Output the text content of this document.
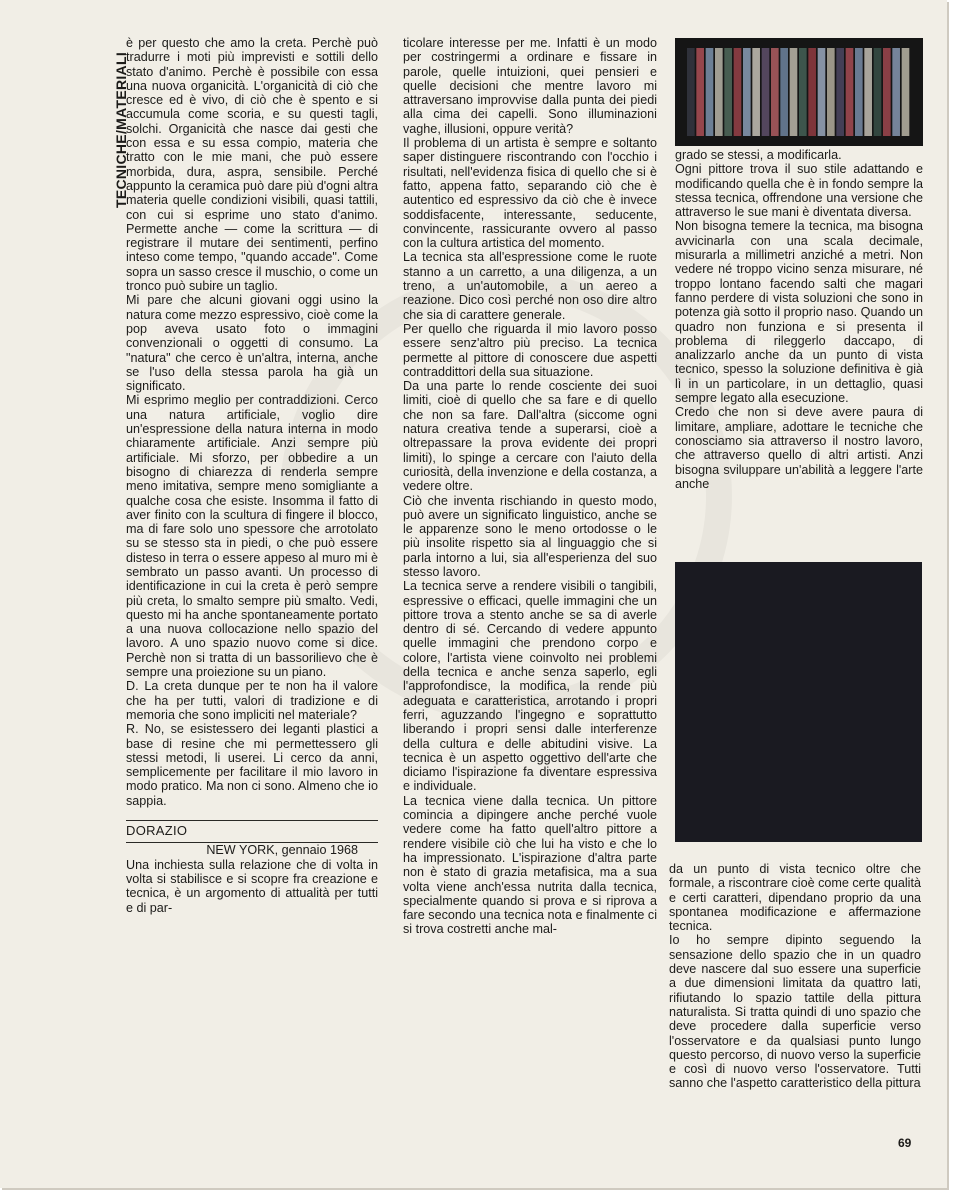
TECNICHE/MATERIALI

è per questo che amo la creta. Perchè può tradurre i moti più imprevisti e sottili dello stato d'animo. Perchè è possibile con essa una nuova organicità. L'organicità di ciò che cresce ed è vivo, di ciò che è spento e si accumula come scoria, e su questi tagli, solchi. Organicità che nasce dai gesti che con essa e su essa compio, materia che tratto con le mie mani, che può essere morbida, dura, aspra, sensibile. Perché appunto la ceramica può dare più d'ogni altra materia quelle condizioni visibili, quasi tattili, con cui si esprime uno stato d'animo. Permette anche — come la scrittura — di registrare il mutare dei sentimenti, perfino inteso come tempo, "quando accade". Come sopra un sasso cresce il muschio, o come un tronco può subire un taglio.

Mi pare che alcuni giovani oggi usino la natura come mezzo espressivo, cioè come la pop aveva usato foto o immagini convenzionali o oggetti di consumo. La "natura" che cerco è un'altra, interna, anche se l'uso della stessa parola ha già un significato.

Mi esprimo meglio per contraddizioni. Cerco una natura artificiale, voglio dire un'espressione della natura interna in modo chiaramente artificiale. Anzi sempre più artificiale. Mi sforzo, per obbedire a un bisogno di chiarezza di renderla sempre meno imitativa, sempre meno somigliante a qualche cosa che esiste. Insomma il fatto di aver finito con la scultura di fingere il blocco, ma di fare solo uno spessore che arrotolato su se stesso sta in piedi, o che può essere disteso in terra o essere appeso al muro mi è sembrato un passo avanti. Un processo di identificazione in cui la creta è però sempre più creta, lo smalto sempre più smalto. Vedi, questo mi ha anche spontaneamente portato a una nuova collocazione nello spazio del lavoro. A uno spazio nuovo come si dice. Perchè non si tratta di un bassorilievo che è sempre una proiezione su un piano.

D. La creta dunque per te non ha il valore che ha per tutti, valori di tradizione e di memoria che sono impliciti nel materiale?

R. No, se esistessero dei leganti plastici a base di resine che mi permettessero gli stessi metodi, li userei. Li cerco da anni, semplicemente per facilitare il mio lavoro in modo pratico. Ma non ci sono. Almeno che io sappia.

DORAZIO

NEW YORK, gennaio 1968

Una inchiesta sulla relazione che di volta in volta si stabilisce e si scopre fra creazione e tecnica, è un argomento di attualità per tutti e di par-

ticolare interesse per me. Infatti è un modo per costringermi a ordinare e fissare in parole, quelle intuizioni, quei pensieri e quelle decisioni che mentre lavoro mi attraversano improvvise dalla punta dei piedi alla cima dei capelli. Sono illuminazioni vaghe, illusioni, oppure verità?

Il problema di un artista è sempre e soltanto saper distinguere riscontrando con l'occhio i risultati, nell'evidenza fisica di quello che si è fatto, appena fatto, separando ciò che è autentico ed espressivo da ciò che è invece soddisfacente, interessante, seducente, convincente, rassicurante ovvero al passo con la cultura artistica del momento.

La tecnica sta all'espressione come le ruote stanno a un carretto, a una diligenza, a un treno, a un'automobile, a un aereo a reazione. Dico così perché non oso dire altro che sia di carattere generale.

Per quello che riguarda il mio lavoro posso essere senz'altro più preciso. La tecnica permette al pittore di conoscere due aspetti contraddittori della sua situazione.

Da una parte lo rende cosciente dei suoi limiti, cioè di quello che sa fare e di quello che non sa fare. Dall'altra (siccome ogni natura creativa tende a superarsi, cioè a oltrepassare la prova evidente dei propri limiti), lo spinge a cercare con l'aiuto della curiosità, della invenzione e della costanza, a vedere oltre.

Ciò che inventa rischiando in questo modo, può avere un significato linguistico, anche se le apparenze sono le meno ortodosse o le più insolite rispetto sia al linguaggio che si parla intorno a lui, sia all'esperienza del suo stesso lavoro.

La tecnica serve a rendere visibili o tangibili, espressive o efficaci, quelle immagini che un pittore trova a stento anche se sa di averle dentro di sé. Cercando di vedere appunto quelle immagini che prendono corpo e colore, l'artista viene coinvolto nei problemi della tecnica e anche senza saperlo, egli l'approfondisce, la modifica, la rende più adeguata e caratteristica, arrotando i propri ferri, aguzzando l'ingegno e soprattutto liberando i propri sensi dalle interferenze della cultura e delle abitudini visive. La tecnica è un aspetto oggettivo dell'arte che diciamo l'ispirazione fa diventare espressiva e individuale.

La tecnica viene dalla tecnica. Un pittore comincia a dipingere anche perché vuole vedere come ha fatto quell'altro pittore a rendere visibile ciò che lui ha visto e che lo ha impressionato. L'ispirazione d'altra parte non è stato di grazia metafisica, ma a sua volta viene anch'essa nutrita dalla tecnica, specialmente quando si prova e si riprova a fare secondo una tecnica nota e finalmente ci si trova costretti anche mal-

grado se stessi, a modificarla.

Ogni pittore trova il suo stile adattando e modificando quella che è in fondo sempre la stessa tecnica, offrendone una versione che attraverso le sue mani è diventata diversa.

Non bisogna temere la tecnica, ma bisogna avvicinarla con una scala decimale, misurarla a millimetri anziché a metri. Non vedere né troppo vicino senza misurare, né troppo lontano facendo salti che magari fanno perdere di vista soluzioni che sono in potenza già sotto il proprio naso. Quando un quadro non funziona e si presenta il problema di rileggerlo daccapo, di analizzarlo anche da un punto di vista tecnico, spesso la soluzione definitiva è già lì in un particolare, in un dettaglio, quasi sempre legato alla esecuzione.

Credo che non si deve avere paura di limitare, ampliare, adottare le tecniche che conosciamo sia attraverso il nostro lavoro, che attraverso quello di altri artisti. Anzi bisogna sviluppare un'abilità a leggere l'arte anche

da un punto di vista tecnico oltre che formale, a riscontrare cioè come certe qualità e certi caratteri, dipendano proprio da una spontanea modificazione e affermazione tecnica.

Io ho sempre dipinto seguendo la sensazione dello spazio che in un quadro deve nascere dal suo essere una superficie a due dimensioni limitata da quattro lati, rifiutando lo spazio tattile della pittura naturalista. Si tratta quindi di uno spazio che deve procedere dalla superficie verso l'osservatore e da qualsiasi punto lungo questo percorso, di nuovo verso la superficie e così di nuovo verso l'osservatore. Tutti sanno che l'aspetto caratteristico della pittura

69
